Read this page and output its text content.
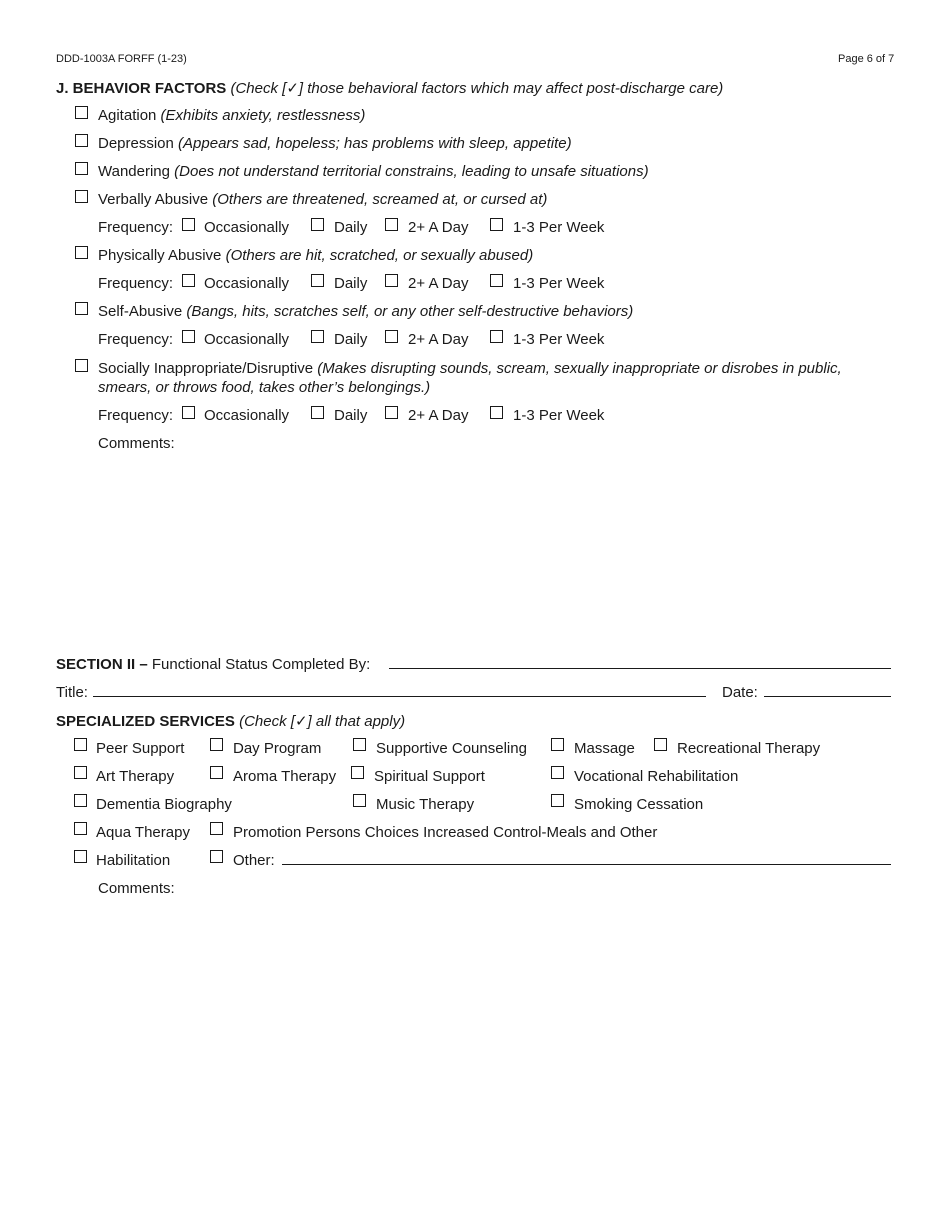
DDD-1003A FORFF (1-23)	Page 6 of 7
J. BEHAVIOR FACTORS (Check [✓] those behavioral factors which may affect post-discharge care)
Agitation (Exhibits anxiety, restlessness)
Depression (Appears sad, hopeless; has problems with sleep, appetite)
Wandering (Does not understand territorial constrains, leading to unsafe situations)
Verbally Abusive (Others are threatened, screamed at, or cursed at)
Frequency: Occasionally	Daily	2+ A Day	1-3 Per Week
Physically Abusive (Others are hit, scratched, or sexually abused)
Frequency: Occasionally	Daily	2+ A Day	1-3 Per Week
Self-Abusive (Bangs, hits, scratches self, or any other self-destructive behaviors)
Frequency: Occasionally	Daily	2+ A Day	1-3 Per Week
Socially Inappropriate/Disruptive (Makes disrupting sounds, scream, sexually inappropriate or disrobes in public,
smears, or throws food, takes other’s belongings.)
Frequency: Occasionally	Daily	2+ A Day	1-3 Per Week
Comments:
SECTION II – Functional Status Completed By:
Title:	Date:
SPECIALIZED SERVICES (Check [✓] all that apply)
Peer Support	Day Program	Supportive Counseling	Massage	Recreational Therapy
Art Therapy	Aroma Therapy	Spiritual Support	Vocational Rehabilitation
Dementia Biography	Music Therapy	Smoking Cessation
Aqua Therapy	Promotion Persons Choices Increased Control-Meals and Other
Habilitation	Other:
Comments:
